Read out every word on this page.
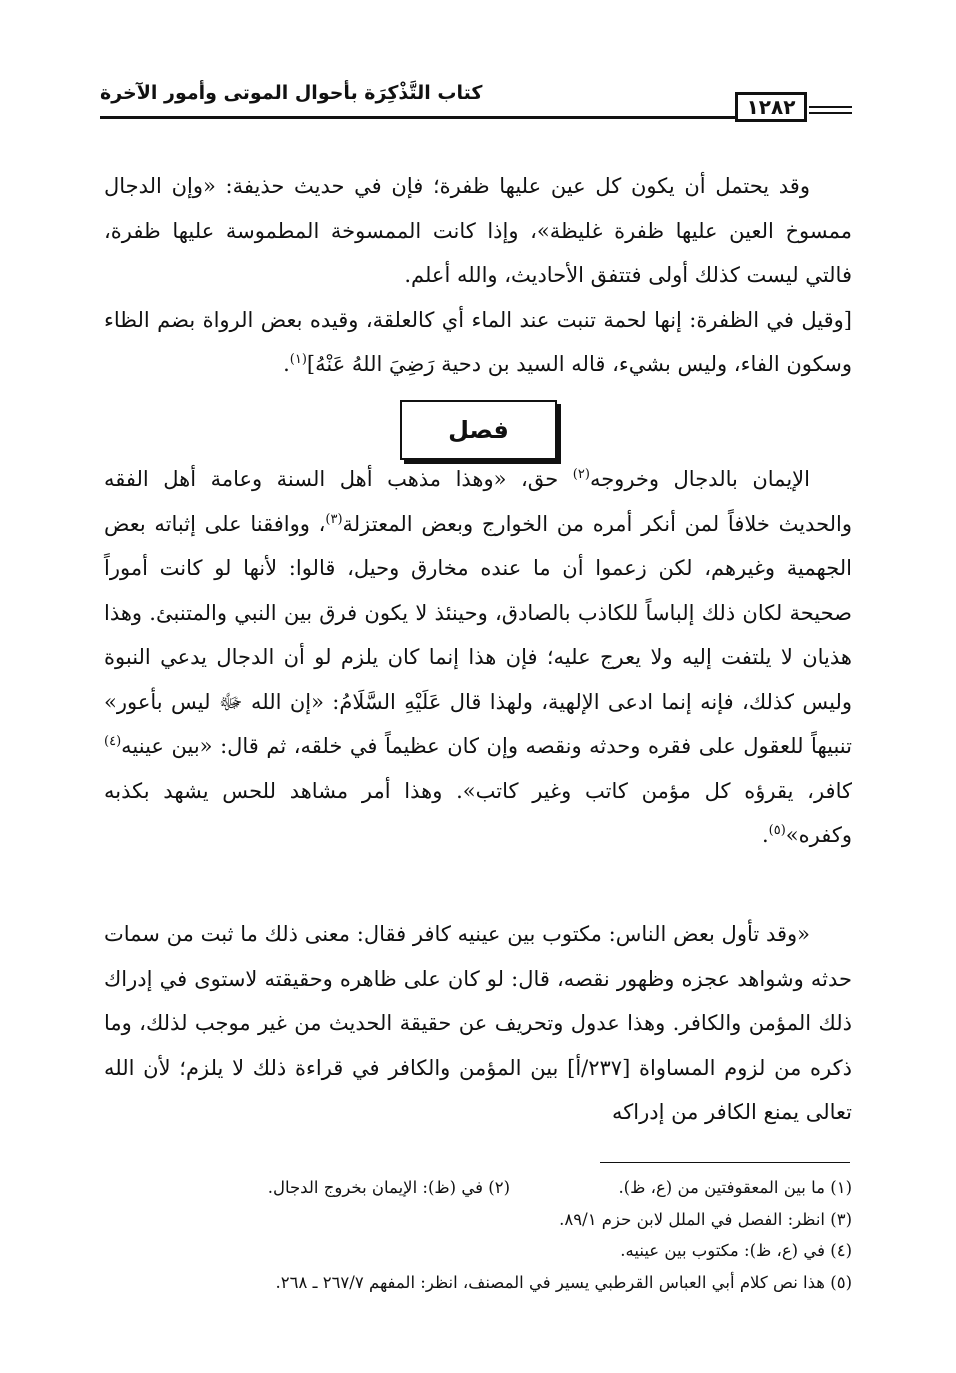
كتاب التَّذْكِرَة بأحوال الموتى وأمور الآخرة
١٢٨٢
وقد يحتمل أن يكون كل عين عليها ظفرة؛ فإن في حديث حذيفة: «وإن الدجال ممسوخ العين عليها ظفرة غليظة»، وإذا كانت الممسوخة المطموسة عليها ظفرة، فالتي ليست كذلك أولى فتتفق الأحاديث، والله أعلم.
[وقيل في الظفرة: إنها لحمة تنبت عند الماء أي كالعلقة، وقيده بعض الرواة بضم الظاء وسكون الفاء، وليس بشيء، قاله السيد بن دحية رَضِيَ اللهُ عَنْهُ]$^{(١)}$.
فصل
الإيمان بالدجال وخروجه$^{(٢)}$ حق، «وهذا مذهب أهل السنة وعامة أهل الفقه والحديث خلافاً لمن أنكر أمره من الخوارج وبعض المعتزلة$^{(٣)}$، ووافقنا على إثباته بعض الجهمية وغيرهم، لكن زعموا أن ما عنده مخارق وحيل، قالوا: لأنها لو كانت أموراً صحيحة لكان ذلك إلباساً للكاذب بالصادق، وحينئذ لا يكون فرق بين النبي والمتنبئ. وهذا هذيان لا يلتفت إليه ولا يعرج عليه؛ فإن هذا إنما كان يلزم لو أن الدجال يدعي النبوة وليس كذلك، فإنه إنما ادعى الإلهية، ولهذا قال عَلَيْهِ السَّلَامُ: «إن الله ﷻ ليس بأعور» تنبيهاً للعقول على فقره وحدثه ونقصه وإن كان عظيماً في خلقه، ثم قال: «بين عينيه$^{(٤)}$ كافر، يقرؤه كل مؤمن كاتب وغير كاتب». وهذا أمر مشاهد للحس يشهد بكذبه وكفره»$^{(٥)}$.
«وقد تأول بعض الناس: مكتوب بين عينيه كافر فقال: معنى ذلك ما ثبت من سمات حدثه وشواهد عجزه وظهور نقصه، قال: لو كان على ظاهره وحقيقته لاستوى في إدراك ذلك المؤمن والكافر. وهذا عدول وتحريف عن حقيقة الحديث من غير موجب لذلك، وما ذكره من لزوم المساواة [٢٣٧/أ] بين المؤمن والكافر في قراءة ذلك لا يلزم؛ لأن الله تعالى يمنع الكافر من إدراكه
(١) ما بين المعقوفتين من (ع، ظ).
(٢) في (ظ): الإيمان بخروج الدجال.
(٣) انظر: الفصل في الملل لابن حزم ٨٩/١.
(٤) في (ع، ظ): مكتوب بين عينيه.
(٥) هذا نص كلام أبي العباس القرطبي يسير في المصنف، انظر: المفهم ٢٦٧/٧ ـ ٢٦٨.
